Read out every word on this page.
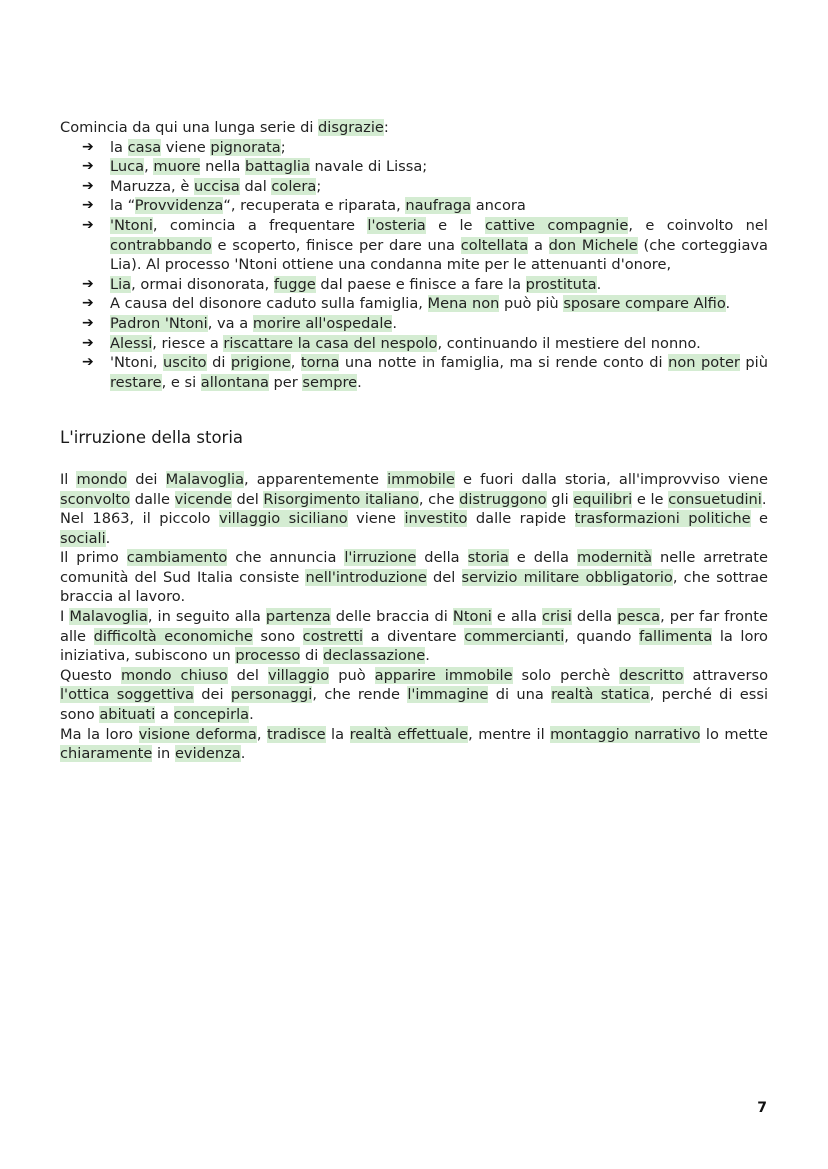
Comincia da qui una lunga serie di disgrazie:

➔ la casa viene pignorata;
➔ Luca, muore nella battaglia navale di Lissa;
➔ Maruzza, è uccisa dal colera;
➔ la “Provvidenza“, recuperata e riparata, naufraga ancora
➔ 'Ntoni, comincia a frequentare l'osteria e le cattive compagnie, e coinvolto nel contrabbando e scoperto, finisce per dare una coltellata a don Michele (che corteggiava Lia). Al processo 'Ntoni ottiene una condanna mite per le attenuanti d'onore,
➔ Lia, ormai disonorata, fugge dal paese e finisce a fare la prostituta.
➔ A causa del disonore caduto sulla famiglia, Mena non può più sposare compare Alfio.
➔ Padron 'Ntoni, va a morire all'ospedale.
➔ Alessi, riesce a riscattare la casa del nespolo, continuando il mestiere del nonno.
➔ 'Ntoni, uscito di prigione, torna una notte in famiglia, ma si rende conto di non poter più restare, e si allontana per sempre.
L'irruzione della storia

Il mondo dei Malavoglia, apparentemente immobile e fuori dalla storia, all'improvviso viene sconvolto dalle vicende del Risorgimento italiano, che distruggono gli equilibri e le consuetudini.

Nel 1863, il piccolo villaggio siciliano viene investito dalle rapide trasformazioni politiche e sociali.

Il primo cambiamento che annuncia l'irruzione della storia e della modernità nelle arretrate comunità del Sud Italia consiste nell'introduzione del servizio militare obbligatorio, che sottrae braccia al lavoro.

I Malavoglia, in seguito alla partenza delle braccia di Ntoni e alla crisi della pesca, per far fronte alle difficoltà economiche sono costretti a diventare commercianti, quando fallimenta la loro iniziativa, subiscono un processo di declassazione.

Questo mondo chiuso del villaggio può apparire immobile solo perchè descritto attraverso l'ottica soggettiva dei personaggi, che rende l'immagine di una realtà statica, perché di essi sono abituati a concepirla.

Ma la loro visione deforma, tradisce la realtà effettuale, mentre il montaggio narrativo lo mette chiaramente in evidenza.

7
